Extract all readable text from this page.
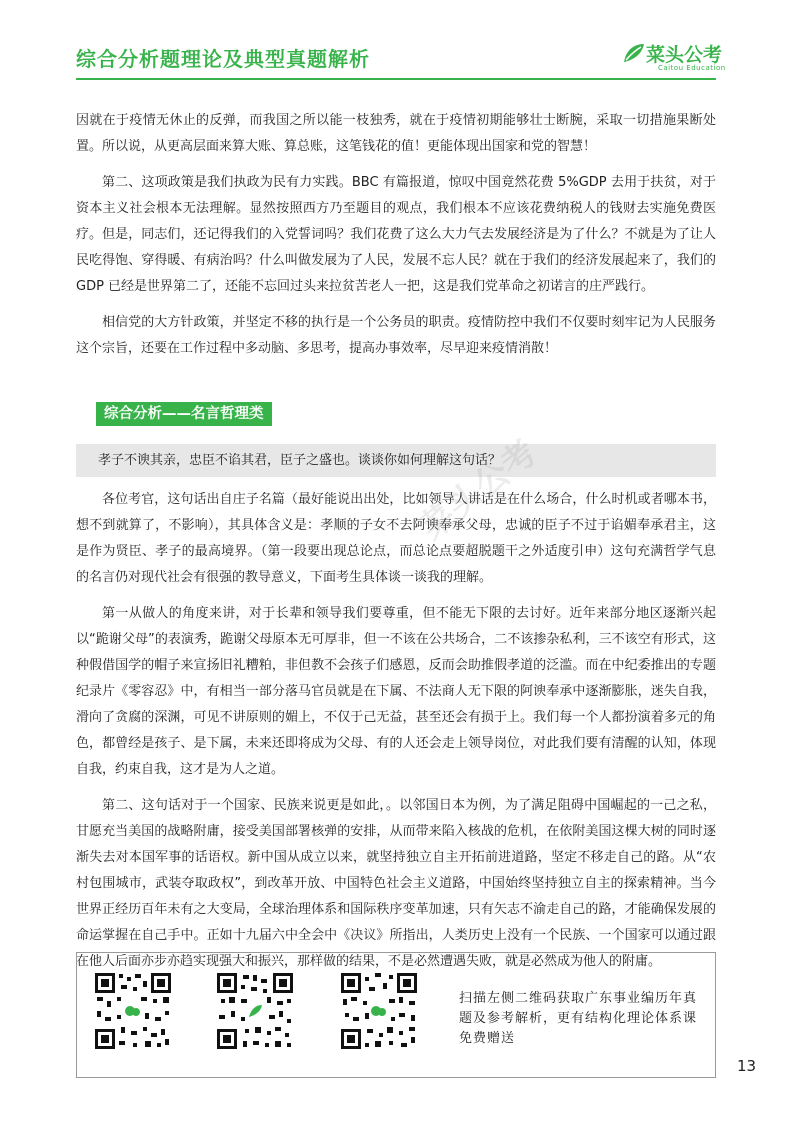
综合分析题理论及典型真题解析	菜头公考
Caitou Education

因就在于疫情无休止的反弹，而我国之所以能一枝独秀，就在于疫情初期能够壮士断腕，采取一切措施果断处置。所以说，从更高层面来算大账、算总账，这笔钱花的值！更能体现出国家和党的智慧！

第二、这项政策是我们执政为民有力实践。BBC 有篇报道，惊叹中国竟然花费 5%GDP 去用于扶贫，对于资本主义社会根本无法理解。显然按照西方乃至题目的观点，我们根本不应该花费纳税人的钱财去实施免费医疗。但是，同志们，还记得我们的入党誓词吗？我们花费了这么大力气去发展经济是为了什么？不就是为了让人民吃得饱、穿得暖、有病治吗？什么叫做发展为了人民，发展不忘人民？就在于我们的经济发展起来了，我们的 GDP 已经是世界第二了，还能不忘回过头来拉贫苦老人一把，这是我们党革命之初诺言的庄严践行。

相信党的大方针政策，并坚定不移的执行是一个公务员的职责。疫情防控中我们不仅要时刻牢记为人民服务这个宗旨，还要在工作过程中多动脑、多思考，提高办事效率，尽早迎来疫情消散！

综合分析——名言哲理类
孝子不谀其亲，忠臣不谄其君，臣子之盛也。谈谈你如何理解这句话？

各位考官，这句话出自庄子名篇（最好能说出出处，比如领导人讲话是在什么场合，什么时机或者哪本书，想不到就算了，不影响），其具体含义是：孝顺的子女不去阿谀奉承父母，忠诚的臣子不过于谄媚奉承君主，这是作为贤臣、孝子的最高境界。（第一段要出现总论点，而总论点要超脱题干之外适度引申）这句充满哲学气息的名言仍对现代社会有很强的教导意义，下面考生具体谈一谈我的理解。

第一从做人的角度来讲，对于长辈和领导我们要尊重，但不能无下限的去讨好。近年来部分地区逐渐兴起以“跪谢父母”的表演秀，跪谢父母原本无可厚非，但一不该在公共场合，二不该掺杂私利，三不该空有形式，这种假借国学的帽子来宣扬旧礼糟粕，非但教不会孩子们感恩，反而会助推假孝道的泛滥。而在中纪委推出的专题纪录片《零容忍》中，有相当一部分落马官员就是在下属、不法商人无下限的阿谀奉承中逐渐膨胀，迷失自我，滑向了贪腐的深渊，可见不讲原则的媚上，不仅于己无益，甚至还会有损于上。我们每一个人都扮演着多元的角色，都曾经是孩子、是下属，未来还即将成为父母、有的人还会走上领导岗位，对此我们要有清醒的认知，体现自我，约束自我，这才是为人之道。

第二、这句话对于一个国家、民族来说更是如此，。以邻国日本为例，为了满足阻碍中国崛起的一己之私，甘愿充当美国的战略附庸，接受美国部署核弹的安排，从而带来陷入核战的危机，在依附美国这棵大树的同时逐渐失去对本国军事的话语权。新中国从成立以来，就坚持独立自主开拓前进道路，坚定不移走自己的路。从“农村包围城市，武装夺取政权”，到改革开放、中国特色社会主义道路，中国始终坚持独立自主的探索精神。当今世界正经历百年未有之大变局，全球治理体系和国际秩序变革加速，只有矢志不渝走自己的路，才能确保发展的命运掌握在自己手中。正如十九届六中全会中《决议》所指出，人类历史上没有一个民族、一个国家可以通过跟在他人后面亦步亦趋实现强大和振兴，那样做的结果，不是必然遭遇失败，就是必然成为他人的附庸。

菜头公考
扫描左侧二维码获取广东事业编历年真题及参考解析，更有结构化理论体系课免费赠送
13
